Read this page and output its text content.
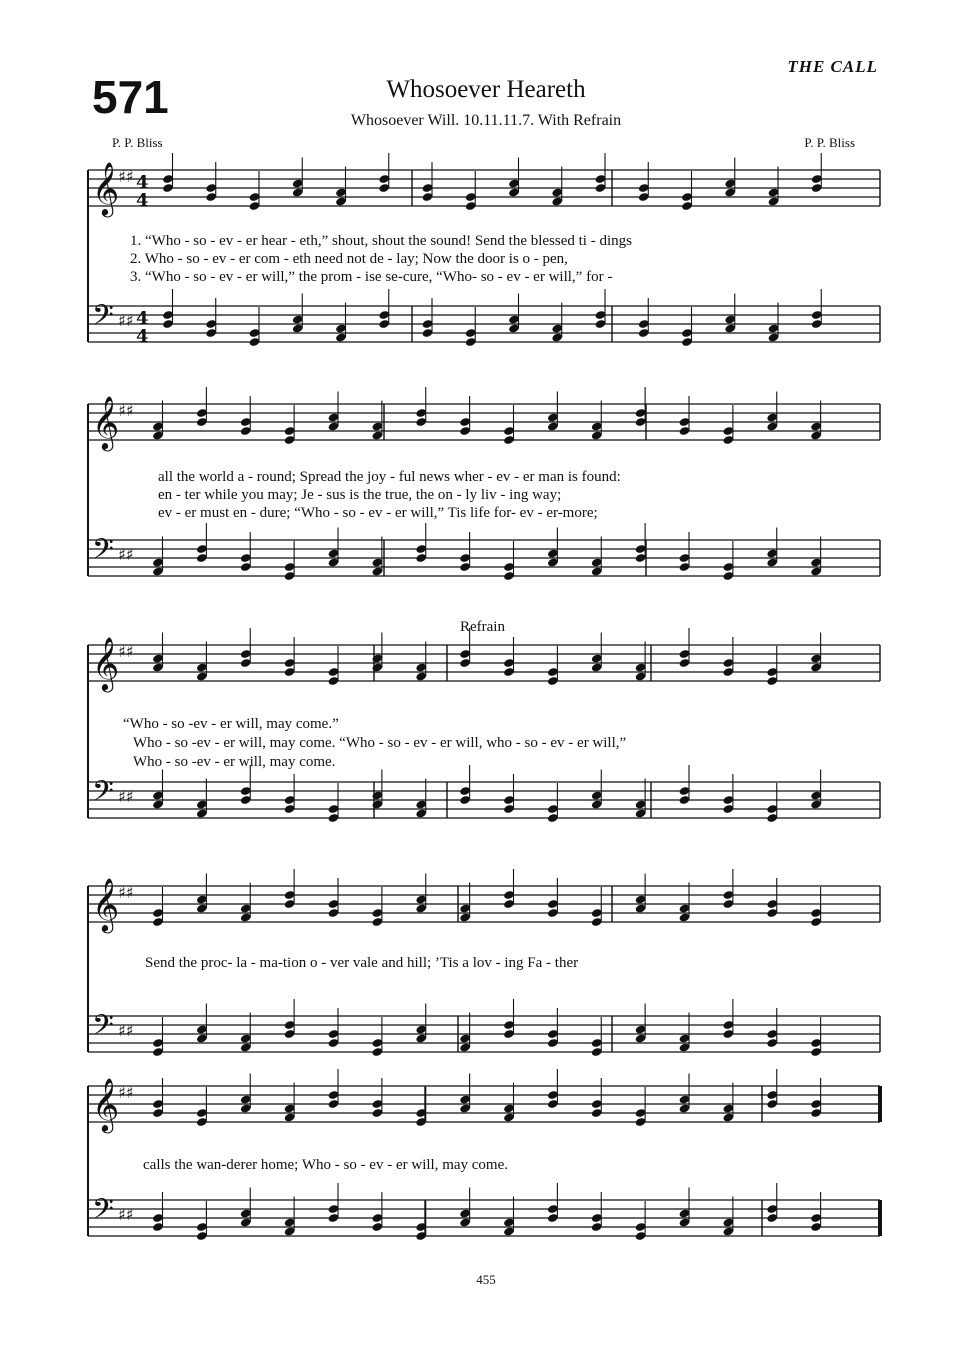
THE CALL
571	Whosoever Heareth
Whosoever Will. 10.11.11.7. With Refrain
P. P. Bliss	P. P. Bliss
𝄞
♯♯
𝄢 ♯♯
4
4
4
4
𝄞
♯♯
𝄢 ♯♯
𝄞
♯♯
𝄢 ♯♯
𝄞
♯♯
𝄢 ♯♯
𝄞
♯♯
𝄢 ♯♯
1. “Who - so - ev - er hear - eth,” shout, shout the sound! Send the blessed ti - dings
2. Who - so - ev - er com - eth need not de - lay; Now the door is o - pen,
3. “Who - so - ev - er will,” the prom - ise se-cure, “Who- so - ev - er will,” for -
all the world a - round; Spread the joy - ful news wher - ev - er man is found:
en - ter while you may; Je - sus is the true, the on - ly liv - ing way;
ev - er must en - dure; “Who - so - ev - er will,” Tis life for- ev - er-more;
Refrain
“Who - so -ev - er will, may come.”
Who - so -ev - er will, may come. “Who - so - ev - er will, who - so - ev - er will,”
Who - so -ev - er will, may come.
Send the proc- la - ma-tion o - ver vale and hill; ’Tis a lov - ing Fa - ther
calls the wan-derer home; Who - so - ev - er will, may come.
455
